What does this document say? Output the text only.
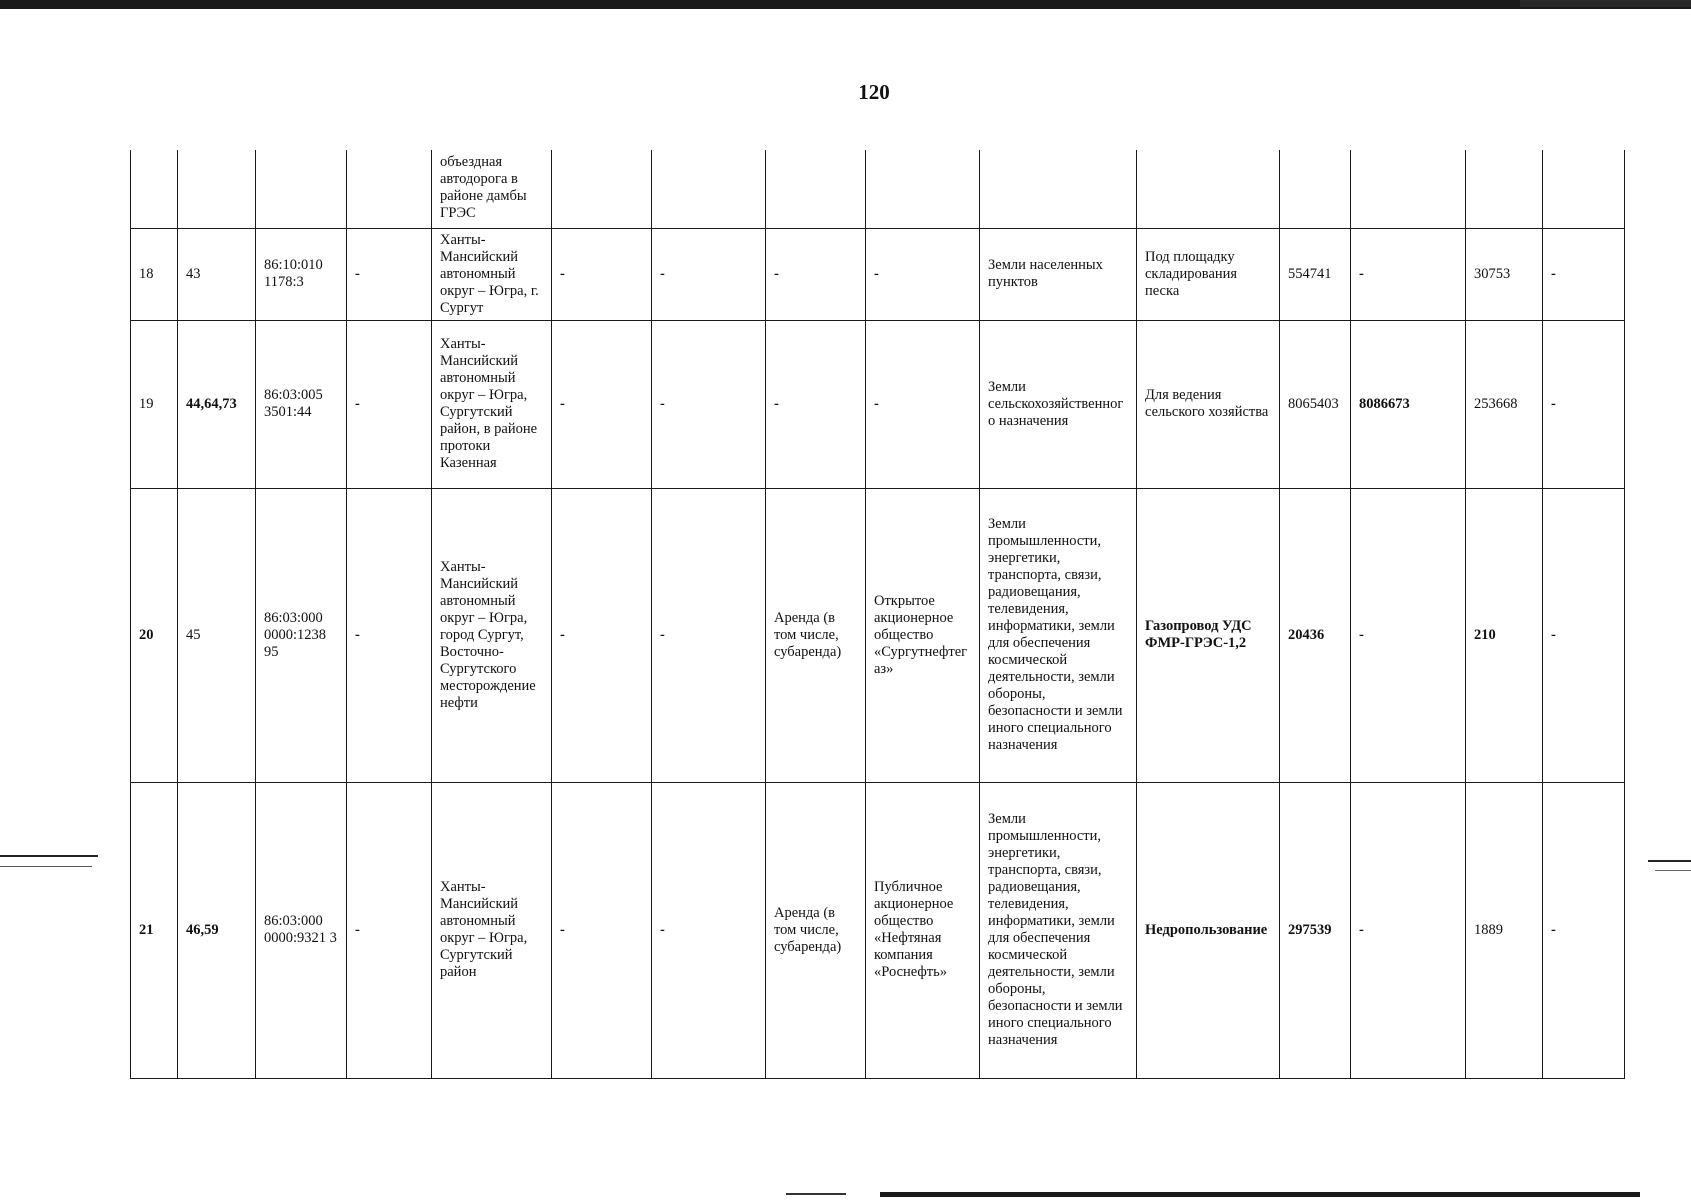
120
				объездная автодорога в районе дамбы ГРЭС										
18	43	86:10:010 1178:3	-	Ханты-Мансийский автономный округ – Югра, г. Сургут	-	-	-	-	Земли населенных пунктов	Под площадку складирования песка	554741	-	30753	-
19	44,64,73	86:03:005 3501:44	-	Ханты-Мансийский автономный округ – Югра, Сургутский район, в районе протоки Казенная	-	-	-	-	Земли сельскохозяйственного назначения	Для ведения сельского хозяйства	8065403	8086673	253668	-
20	45	86:03:000 0000:1238 95	-	Ханты-Мансийский автономный округ – Югра, город Сургут, Восточно-Сургутского месторождение нефти	-	-	Аренда (в том числе, субаренда)	Открытое акционерное общество «Сургутнефтегаз»	Земли промышленности, энергетики, транспорта, связи, радиовещания, телевидения, информатики, земли для обеспечения космической деятельности, земли обороны, безопасности и земли иного специального назначения	Газопровод УДС ФМР-ГРЭС-1,2	20436	-	210	-
21	46,59	86:03:000 0000:9321 3	-	Ханты-Мансийский автономный округ – Югра, Сургутский район	-	-	Аренда (в том числе, субаренда)	Публичное акционерное общество «Нефтяная компания «Роснефть»	Земли промышленности, энергетики, транспорта, связи, радиовещания, телевидения, информатики, земли для обеспечения космической деятельности, земли обороны, безопасности и земли иного специального назначения	Недропользование	297539	-	1889	-
